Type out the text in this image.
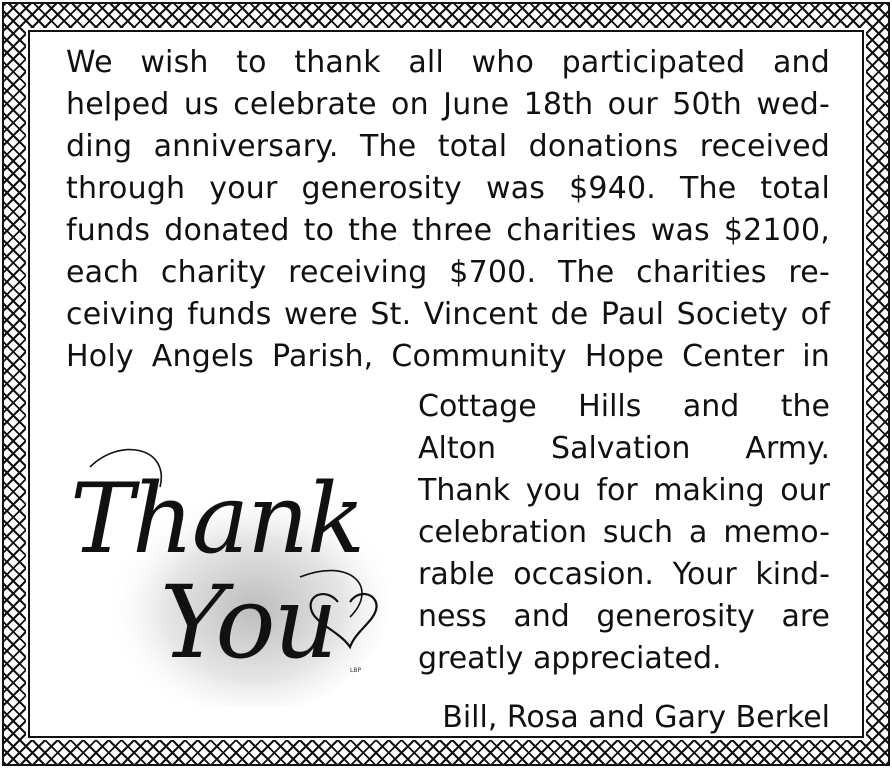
We wish to thank all who participated and
helped us celebrate on June 18th our 50th wed-
ding anniversary. The total donations received
through your generosity was $940. The total
funds donated to the three charities was $2100,
each charity receiving $700. The charities re-
ceiving funds were St. Vincent de Paul Society of
Holy Angels Parish, Community Hope Center in
Cottage Hills and the
Alton Salvation Army.
Thank you for making our
celebration such a memo-
rable occasion. Your kind-
ness and generosity are
greatly appreciated.
Bill, Rosa and Gary Berkel
Thank
You LBP
